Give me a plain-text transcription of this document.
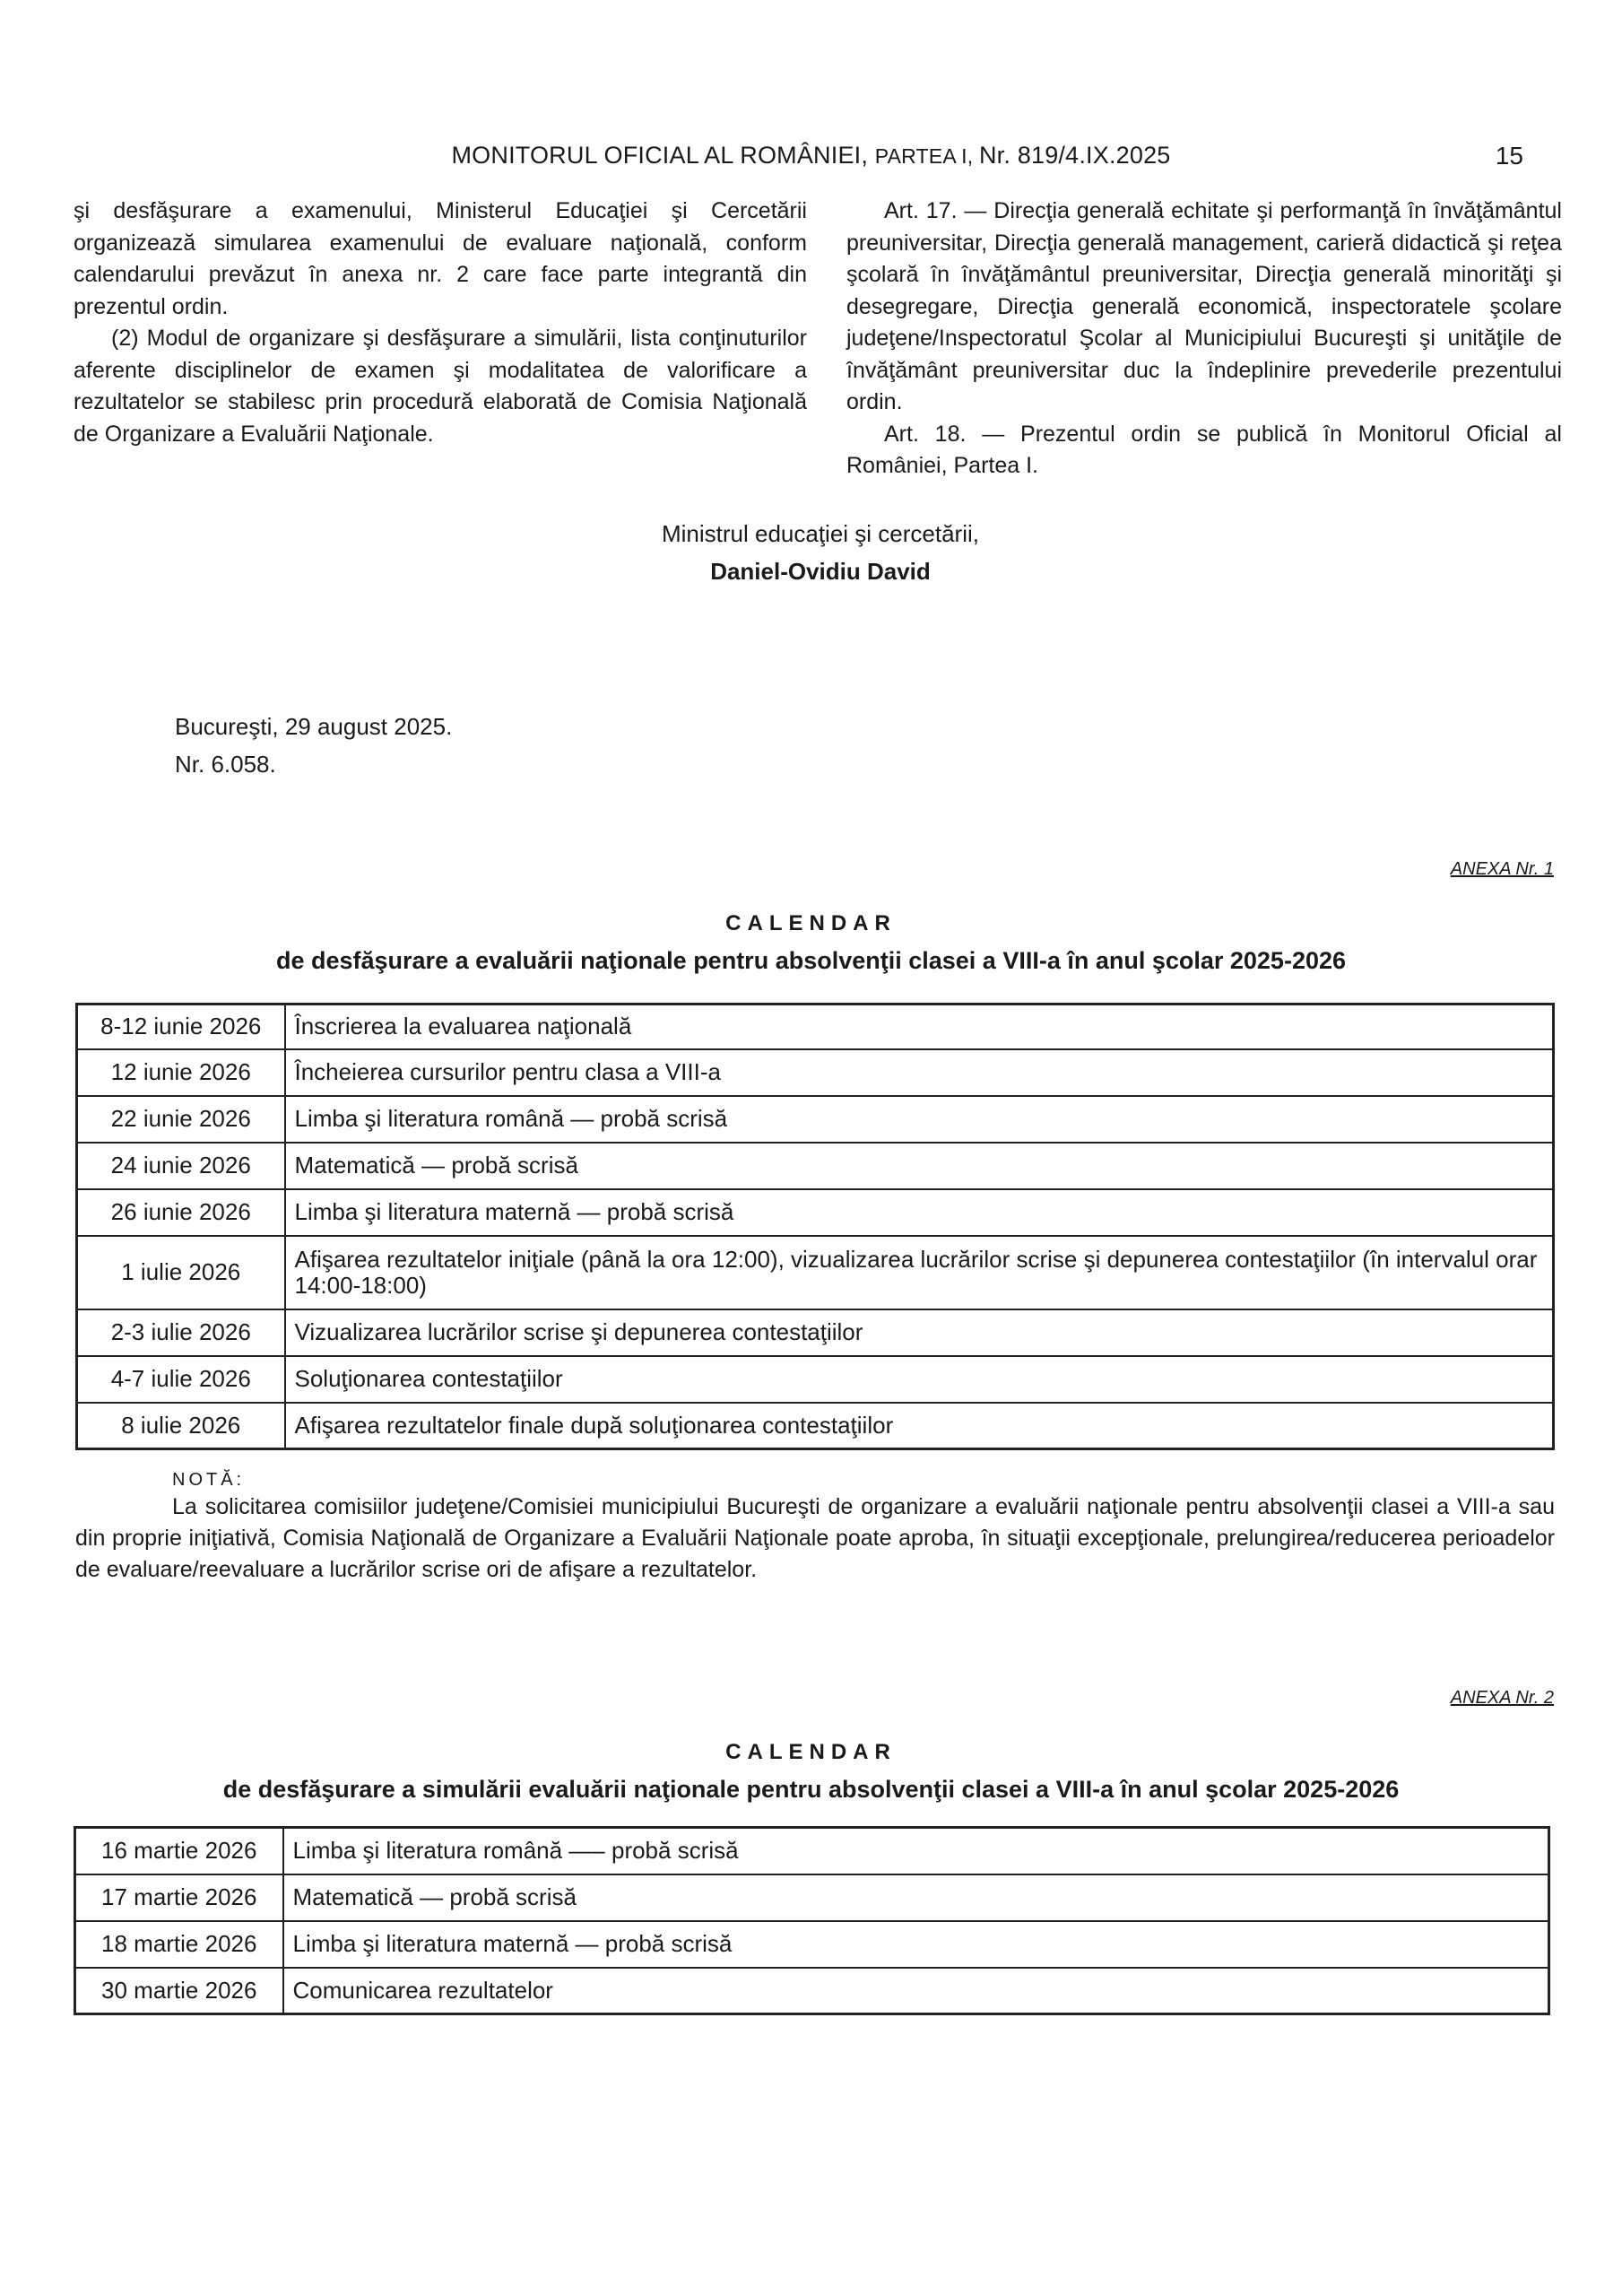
MONITORUL OFICIAL AL ROMÂNIEI, PARTEA I, Nr. 819/4.IX.2025	15

şi desfăşurare a examenului, Ministerul Educaţiei şi Cercetării organizează simularea examenului de evaluare naţională, conform calendarului prevăzut în anexa nr. 2 care face parte integrantă din prezentul ordin.

(2) Modul de organizare şi desfăşurare a simulării, lista conţinuturilor aferente disciplinelor de examen şi modalitatea de valorificare a rezultatelor se stabilesc prin procedură elaborată de Comisia Naţională de Organizare a Evaluării Naţionale.

Art. 17. — Direcţia generală echitate şi performanţă în învăţământul preuniversitar, Direcţia generală management, carieră didactică şi reţea şcolară în învăţământul preuniversitar, Direcţia generală minorităţi şi desegregare, Direcţia generală economică, inspectoratele şcolare judeţene/Inspectoratul Şcolar al Municipiului Bucureşti şi unităţile de învăţământ preuniversitar duc la îndeplinire prevederile prezentului ordin.

Art. 18. — Prezentul ordin se publică în Monitorul Oficial al României, Partea I.

Ministrul educaţiei şi cercetării,
Daniel-Ovidiu David
Bucureşti, 29 august 2025.
Nr. 6.058.
ANEXA Nr. 1
CALENDAR
de desfăşurare a evaluării naţionale pentru absolvenţii clasei a VIII-a în anul şcolar 2025-2026
8-12 iunie 2026	Înscrierea la evaluarea naţională
12 iunie 2026	Încheierea cursurilor pentru clasa a VIII-a
22 iunie 2026	Limba şi literatura română — probă scrisă
24 iunie 2026	Matematică — probă scrisă
26 iunie 2026	Limba şi literatura maternă — probă scrisă
1 iulie 2026	Afişarea rezultatelor iniţiale (până la ora 12:00), vizualizarea lucrărilor scrise şi depunerea contestaţiilor (în intervalul orar 14:00-18:00)
2-3 iulie 2026	Vizualizarea lucrărilor scrise şi depunerea contestaţiilor
4-7 iulie 2026	Soluţionarea contestaţiilor
8 iulie 2026	Afişarea rezultatelor finale după soluţionarea contestaţiilor
NOTĂ:
La solicitarea comisiilor judeţene/Comisiei municipiului Bucureşti de organizare a evaluării naţionale pentru absolvenţii clasei a VIII-a sau din proprie iniţiativă, Comisia Naţională de Organizare a Evaluării Naţionale poate aproba, în situaţii excepţionale, prelungirea/reducerea perioadelor de evaluare/reevaluare a lucrărilor scrise ori de afişare a rezultatelor.
ANEXA Nr. 2
CALENDAR
de desfăşurare a simulării evaluării naţionale pentru absolvenţii clasei a VIII-a în anul şcolar 2025-2026
16 martie 2026	Limba şi literatura română —– probă scrisă
17 martie 2026	Matematică — probă scrisă
18 martie 2026	Limba şi literatura maternă — probă scrisă
30 martie 2026	Comunicarea rezultatelor
